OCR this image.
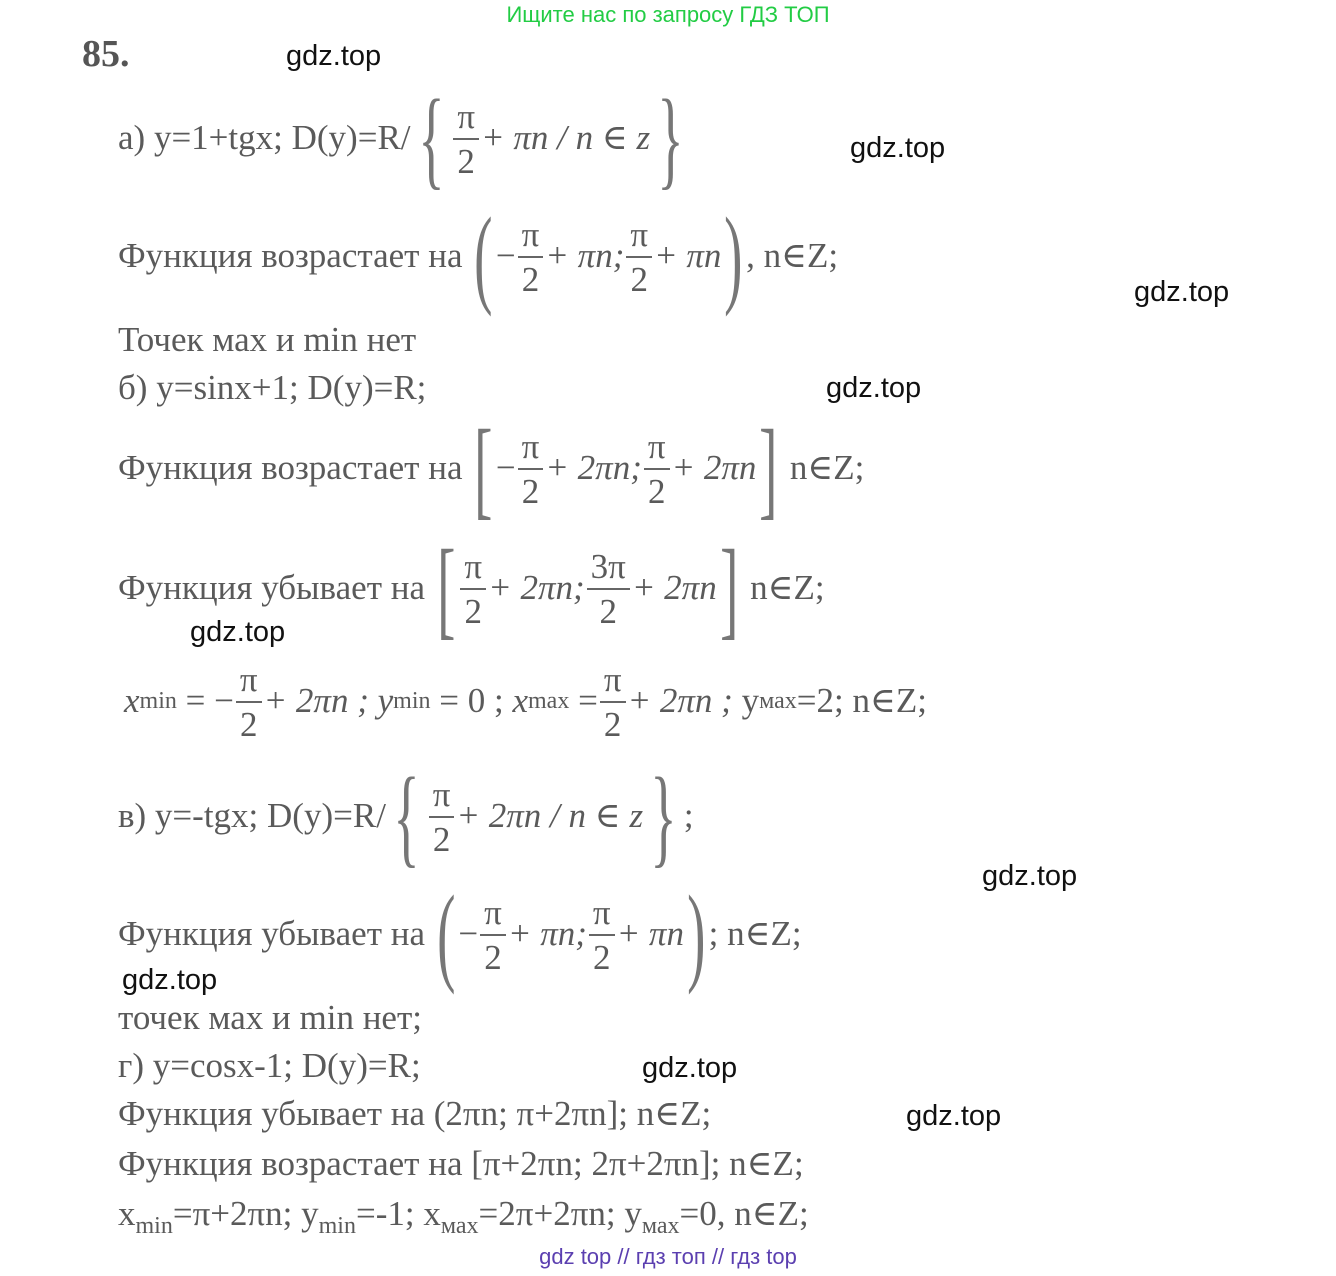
Ищите нас по запросу ГДЗ ТОП
85.	gdz.top
gdz.top
gdz.top
gdz.top
gdz.top
gdz.top
gdz.top
gdz.top
gdz.top
а) y=1+tgx; D(y)=R/ { $\frac{\pi}{2} + \pi n / n$ ∈ z }
Функция возрастает на
( − $\frac{\pi}{2} + \pi n$; $\frac{\pi}{2} + \pi n$ ) , n∈Z;
Точек мах и min нет
б) y=sinx+1; D(y)=R;
Функция возрастает на
[ − $\frac{\pi}{2} + 2\pi n$; $\frac{\pi}{2} + 2\pi n$ ]
n∈Z;
Функция убывает на
[ $\frac{\pi}{2} + 2\pi n$; $\frac{3\pi}{2} + 2\pi n$ ]
n∈Z;
x min
= − $\frac{\pi}{2} + 2\pi n$ ;
y min
= 0 ;
x max
= $\frac{\pi}{2} + 2\pi n$ ;
y мах =2; n∈Z;
в) y=-tgx; D(y)=R/ { $\frac{\pi}{2} + 2\pi n / n$ ∈ z } ;
Функция убывает на
( − $\frac{\pi}{2} + \pi n$; $\frac{\pi}{2} + \pi n$ ) ; n∈Z;
точек мах и min нет;
г) y=cosx-1; D(y)=R;
Функция убывает на (2πn; π+2πn]; n∈Z;
Функция возрастает на [π+2πn; 2π+2πn]; n∈Z;
$x_{min}=\pi+2\pi n$; $y_{min}=-1$; $x_{мах}=2\pi+2\pi n$; $y_{мах}=0$, n∈Z;
gdz top // гдз топ // гдз top
